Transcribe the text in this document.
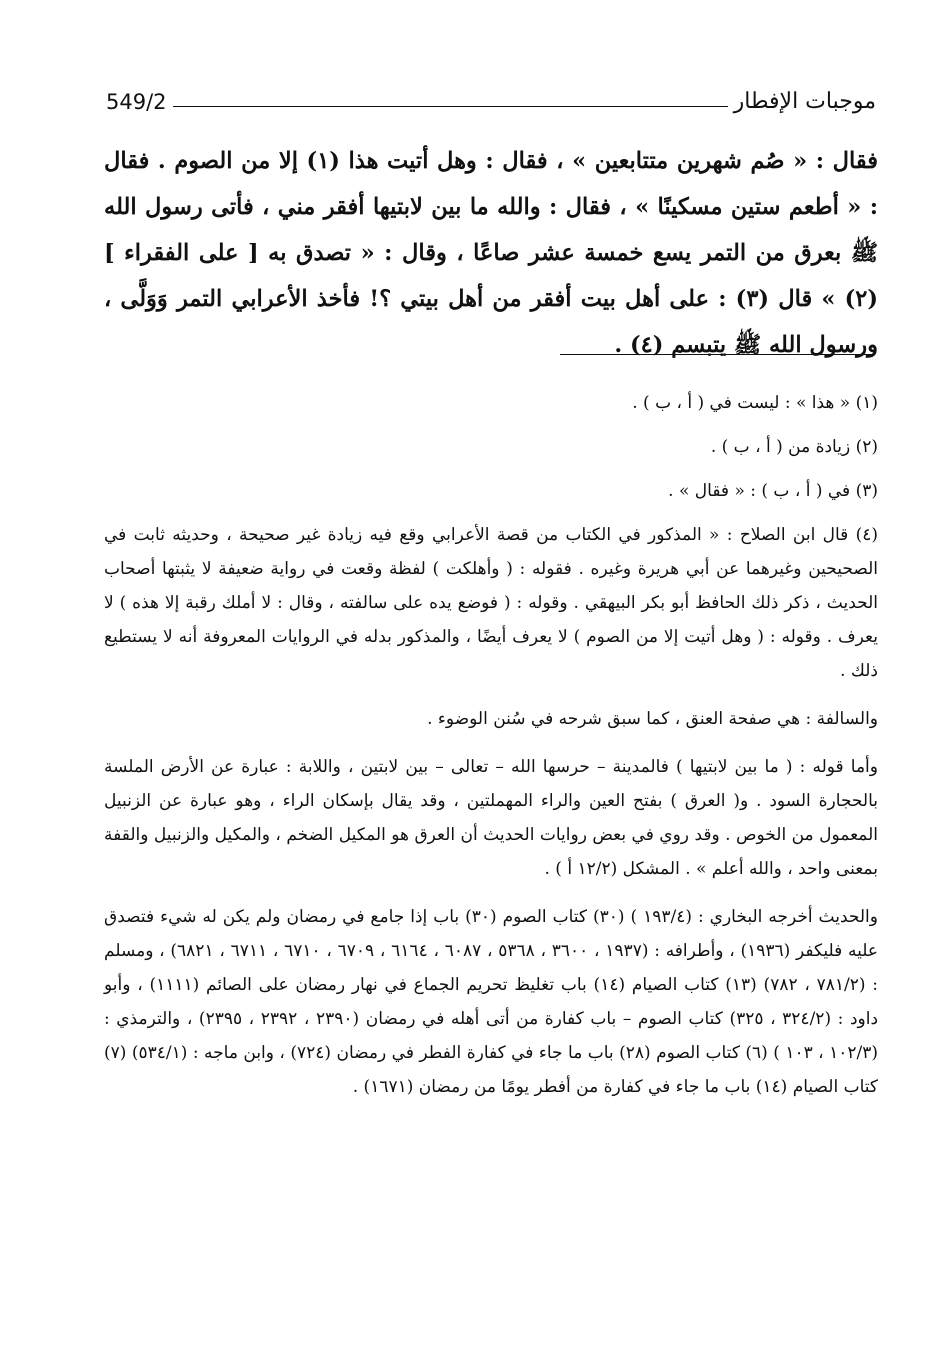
موجبات الإفطار
549/2

فقال : « صُم شهرين متتابعين » ، فقال : وهل أتيت هذا (١) إلا من الصوم . فقال : « أطعم ستين مسكينًا » ، فقال : والله ما بين لابتيها أفقر مني ، فأتى رسول الله ﷺ بعرق من التمر يسع خمسة عشر صاعًا ، وقال : « تصدق به [ على الفقراء ] (٢) » قال (٣) : على أهل بيت أفقر من أهل بيتي ؟! فأخذ الأعرابي التمر وَوَلَّى ، ورسول الله ﷺ يتبسم (٤) .

(١) « هذا » : ليست في ( أ ، ب ) .

(٢) زيادة من ( أ ، ب ) .

(٣) في ( أ ، ب ) : « فقال » .

(٤) قال ابن الصلاح : « المذكور في الكتاب من قصة الأعرابي وقع فيه زيادة غير صحيحة ، وحديثه ثابت في الصحيحين وغيرهما عن أبي هريرة وغيره . فقوله : ( وأهلكت ) لفظة وقعت في رواية ضعيفة لا يثبتها أصحاب الحديث ، ذكر ذلك الحافظ أبو بكر البيهقي . وقوله : ( فوضع يده على سالفته ، وقال : لا أملك رقبة إلا هذه ) لا يعرف . وقوله : ( وهل أتيت إلا من الصوم ) لا يعرف أيضًا ، والمذكور بدله في الروايات المعروفة أنه لا يستطيع ذلك .

والسالفة : هي صفحة العنق ، كما سبق شرحه في سُنن الوضوء .

وأما قوله : ( ما بين لابتيها ) فالمدينة – حرسها الله – تعالى – بين لابتين ، واللابة : عبارة عن الأرض الملسة بالحجارة السود . و( العرق ) بفتح العين والراء المهملتين ، وقد يقال بإسكان الراء ، وهو عبارة عن الزنبيل المعمول من الخوص . وقد روي في بعض روايات الحديث أن العرق هو المكيل الضخم ، والمكيل والزنبيل والقفة بمعنى واحد ، والله أعلم » . المشكل (١٢/٢ أ ) .

والحديث أخرجه البخاري : (١٩٣/٤ ) (٣٠) كتاب الصوم (٣٠) باب إذا جامع في رمضان ولم يكن له شيء فتصدق عليه فليكفر (١٩٣٦) ، وأطرافه : (١٩٣٧ ، ٣٦٠٠ ، ٥٣٦٨ ، ٦٠٨٧ ، ٦١٦٤ ، ٦٧٠٩ ، ٦٧١٠ ، ٦٧١١ ، ٦٨٢١) ، ومسلم : (٧٨١/٢ ، ٧٨٢) (١٣) كتاب الصيام (١٤) باب تغليظ تحريم الجماع في نهار رمضان على الصائم (١١١١) ، وأبو داود : (٣٢٤/٢ ، ٣٢٥) كتاب الصوم – باب كفارة من أتى أهله في رمضان (٢٣٩٠ ، ٢٣٩٢ ، ٢٣٩٥) ، والترمذي : (١٠٢/٣ ، ١٠٣ ) (٦) كتاب الصوم (٢٨) باب ما جاء في كفارة الفطر في رمضان (٧٢٤) ، وابن ماجه : (٥٣٤/١) (٧) كتاب الصيام (١٤) باب ما جاء في كفارة من أفطر يومًا من رمضان (١٦٧١) .
